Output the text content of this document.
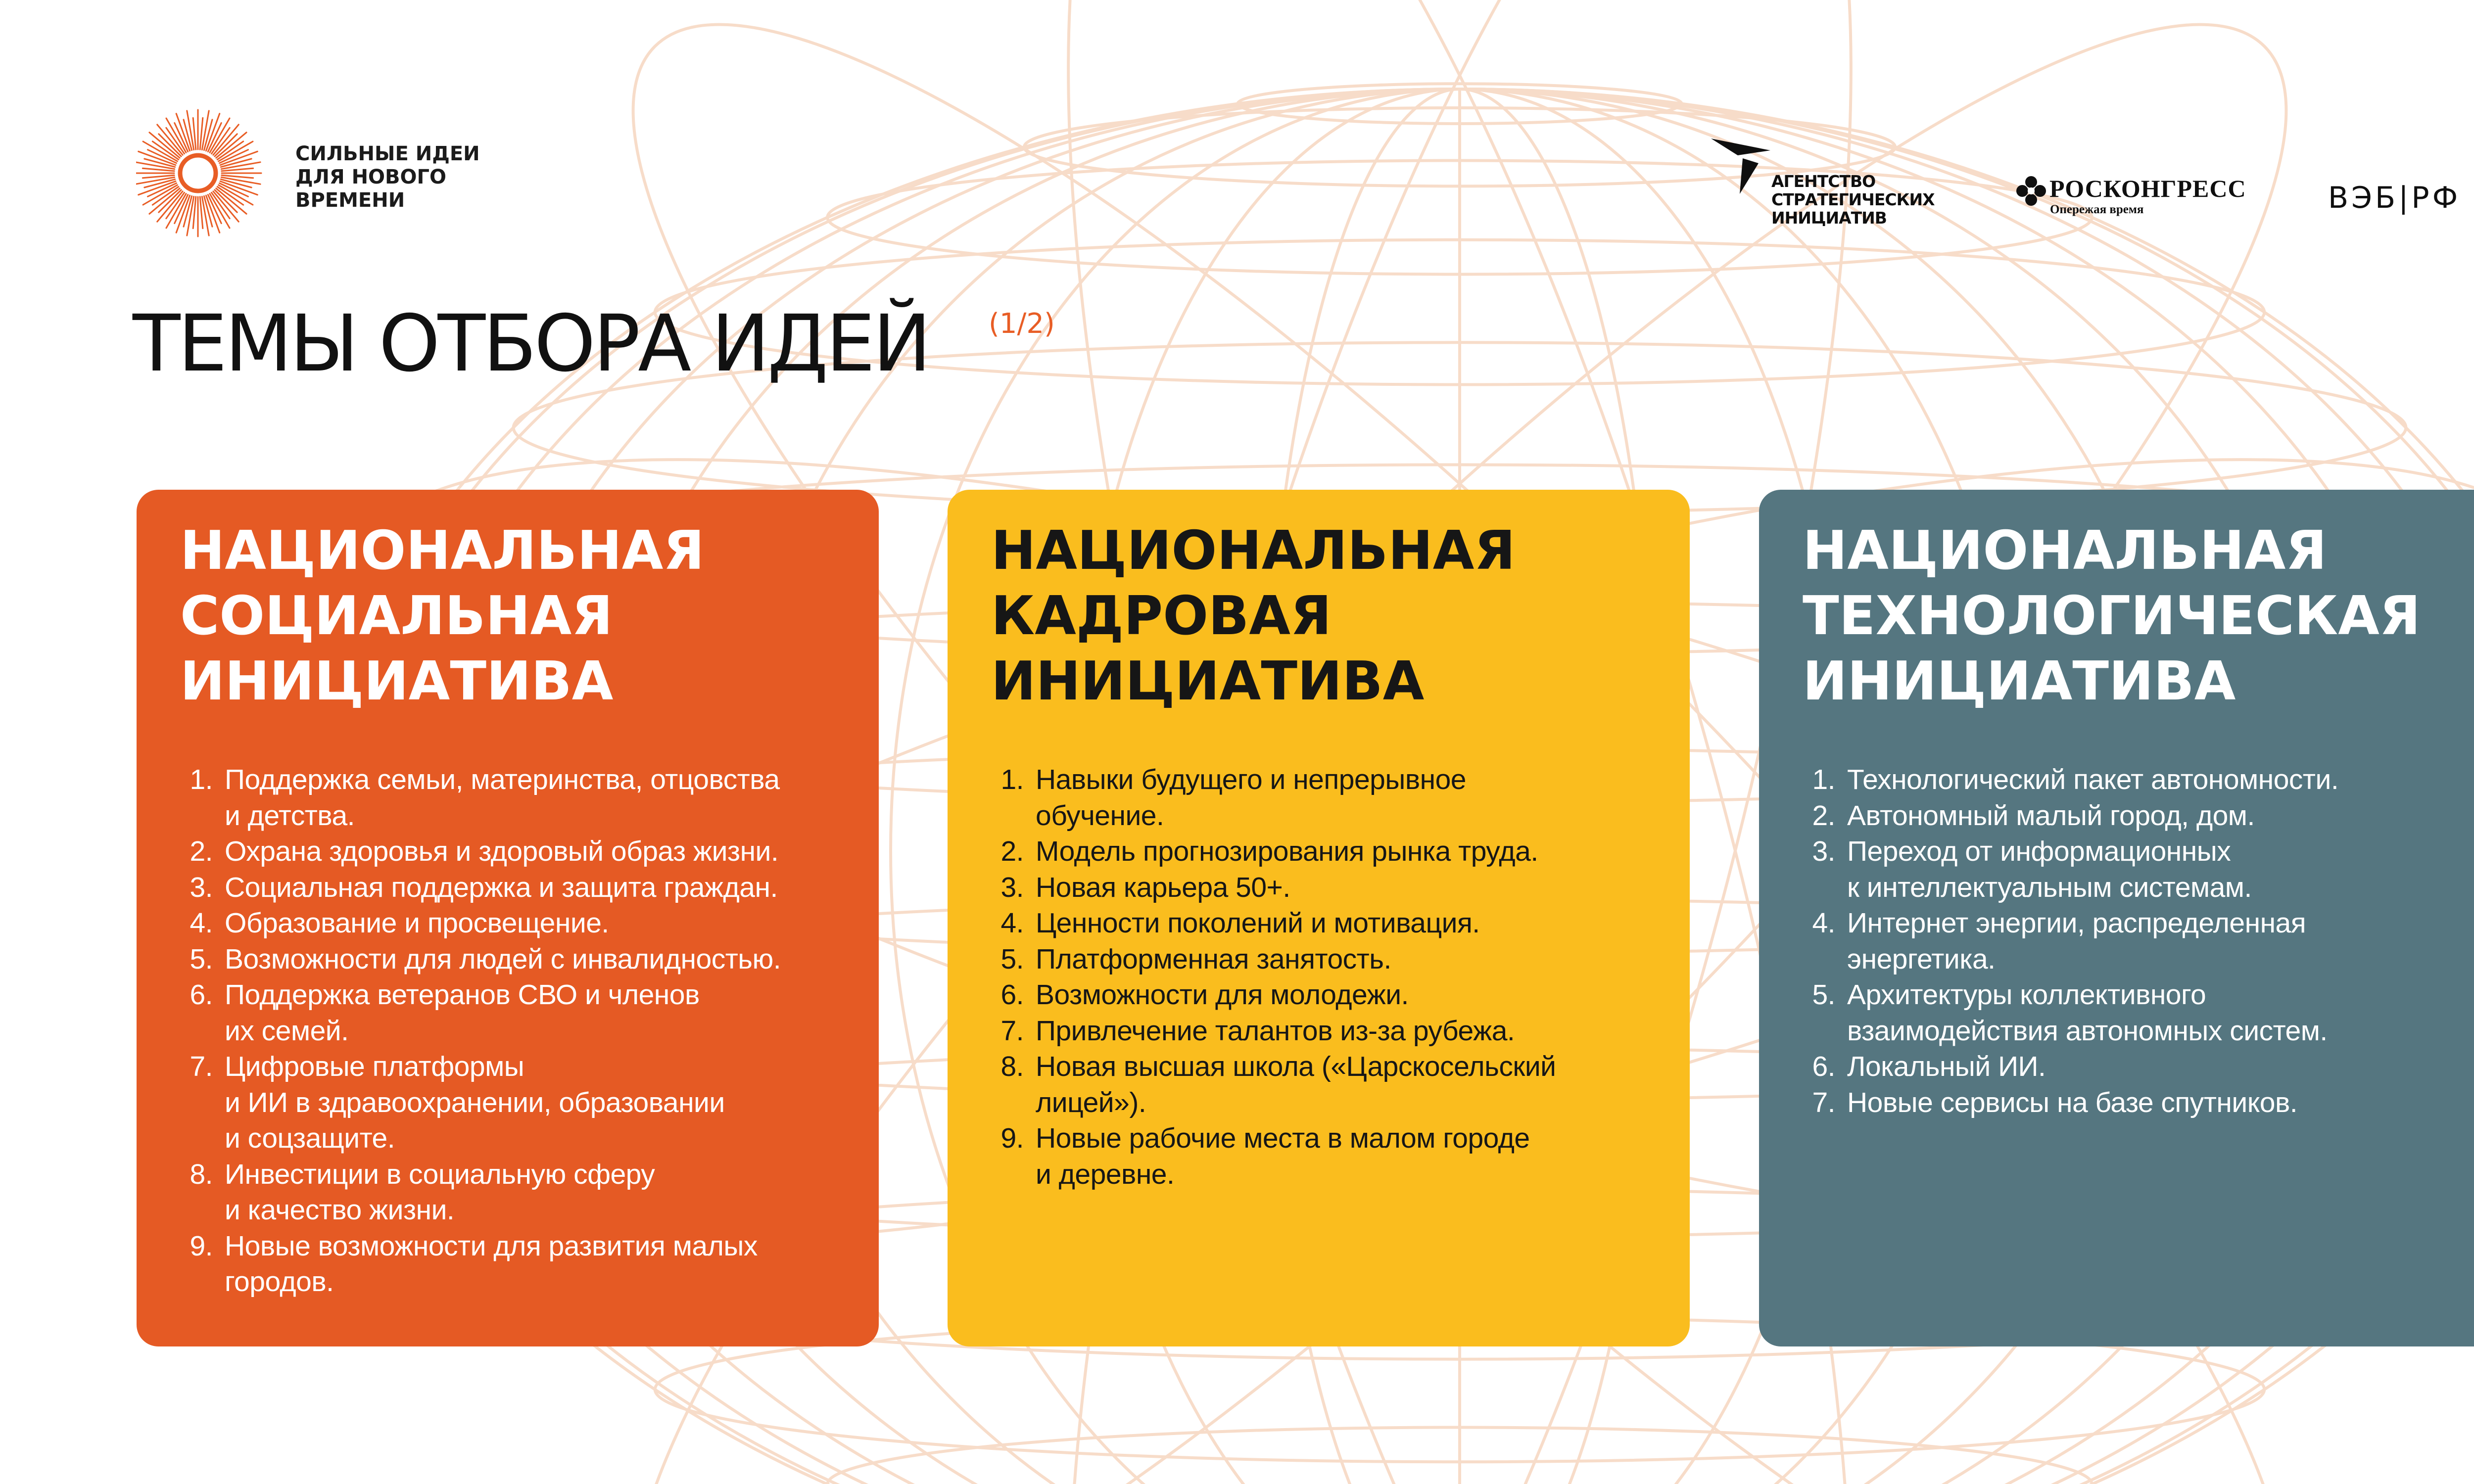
СИЛЬНЫЕ ИДЕИ
ДЛЯ НОВОГО
ВРЕМЕНИ
АГЕНТСТВО
СТРАТЕГИЧЕСКИХ
ИНИЦИАТИВ
РОСКОНГРЕСС
Опережая время	ВЭБ|РФ
ТЕМЫ ОТБОРА ИДЕЙ (1/2)
НАЦИОНАЛЬНАЯ
СОЦИАЛЬНАЯ
ИНИЦИАТИВА
Поддержка семьи, материнства, отцовства
и детства.
Охрана здоровья и здоровый образ жизни.
Социальная поддержка и защита граждан.
Образование и просвещение.
Возможности для людей с инвалидностью.
Поддержка ветеранов СВО и членов
их семей.
Цифровые платформы
и ИИ в здравоохранении, образовании
и соцзащите.
Инвестиции в социальную сферу
и качество жизни.
Новые возможности для развития малых
городов.
НАЦИОНАЛЬНАЯ
КАДРОВАЯ
ИНИЦИАТИВА
Навыки будущего и непрерывное
обучение.
Модель прогнозирования рынка труда.
Новая карьера 50+.
Ценности поколений и мотивация.
Платформенная занятость.
Возможности для молодежи.
Привлечение талантов из-за рубежа.
Новая высшая школа («Царскосельский
лицей»).
Новые рабочие места в малом городе
и деревне.
НАЦИОНАЛЬНАЯ
ТЕХНОЛОГИЧЕСКАЯ
ИНИЦИАТИВА
Технологический пакет автономности.
Автономный малый город, дом.
Переход от информационных
к интеллектуальным системам.
Интернет энергии, распределенная
энергетика.
Архитектуры коллективного
взаимодействия автономных систем.
Локальный ИИ.
Новые сервисы на базе спутников.
